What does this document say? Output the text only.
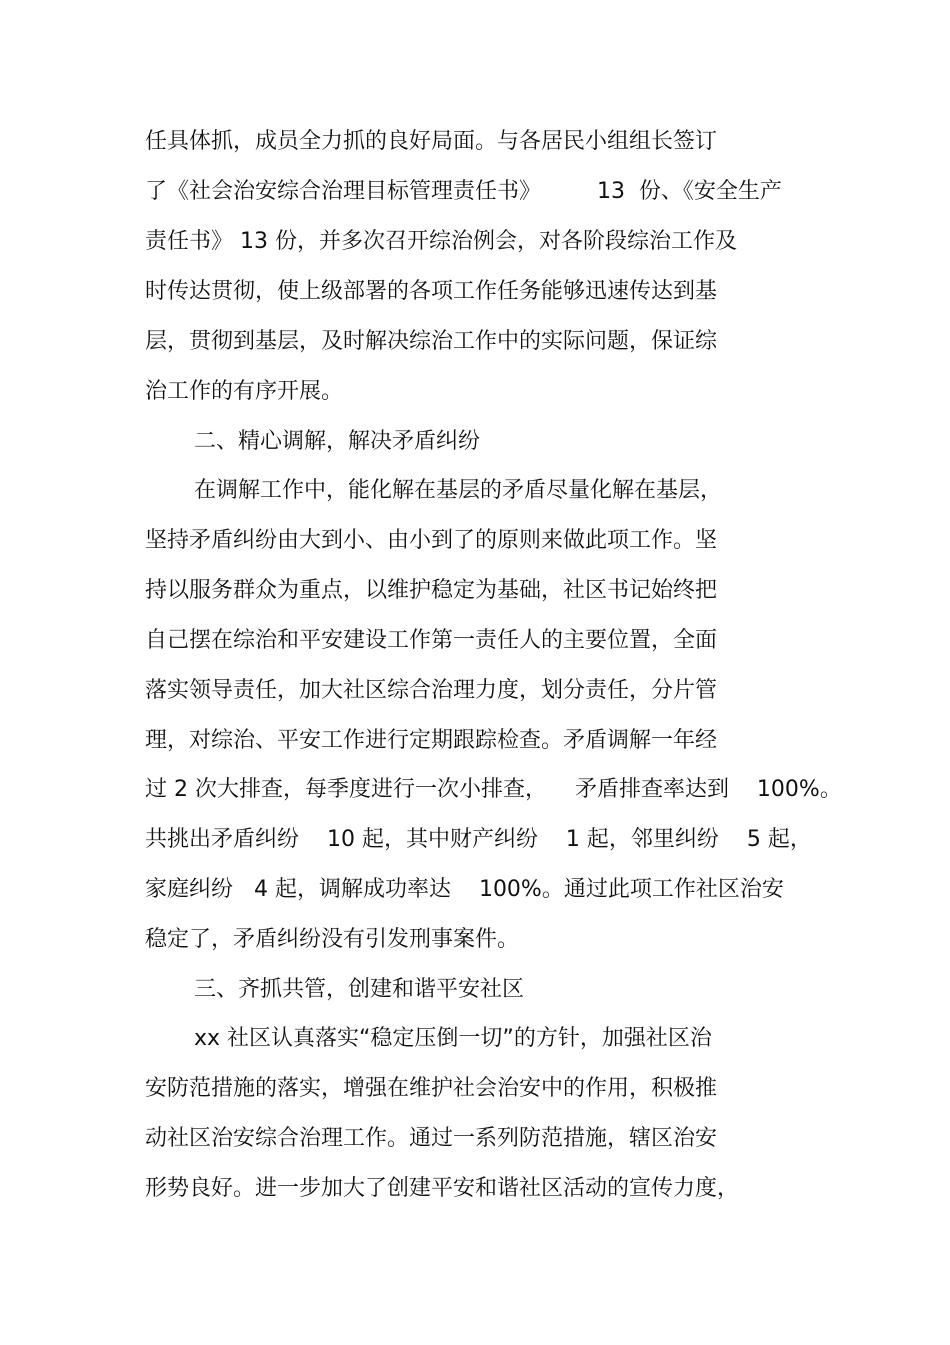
任具体抓，成员全力抓的良好局面。与各居民小组组长签订
了《社会治安综合治理目标管理责任书》        13  份、《安全生产
责任书》 13 份，并多次召开综治例会，对各阶段综治工作及
时传达贯彻，使上级部署的各项工作任务能够迅速传达到基
层，贯彻到基层，及时解决综治工作中的实际问题，保证综
治工作的有序开展。
二、精心调解，解决矛盾纠纷
在调解工作中，能化解在基层的矛盾尽量化解在基层，
坚持矛盾纠纷由大到小、由小到了的原则来做此项工作。坚
持以服务群众为重点，以维护稳定为基础，社区书记始终把
自己摆在综治和平安建设工作第一责任人的主要位置，全面
落实领导责任，加大社区综合治理力度，划分责任，分片管
理，对综治、平安工作进行定期跟踪检查。矛盾调解一年经
过 2 次大排查，每季度进行一次小排查，    矛盾排查率达到    100%。
共挑出矛盾纠纷    10 起，其中财产纠纷    1 起，邻里纠纷    5 起，
家庭纠纷   4 起，调解成功率达    100%。通过此项工作社区治安
稳定了，矛盾纠纷没有引发刑事案件。
三、齐抓共管，创建和谐平安社区
xx 社区认真落实“稳定压倒一切”的方针，加强社区治
安防范措施的落实，增强在维护社会治安中的作用，积极推
动社区治安综合治理工作。通过一系列防范措施，辖区治安
形势良好。进一步加大了创建平安和谐社区活动的宣传力度，
